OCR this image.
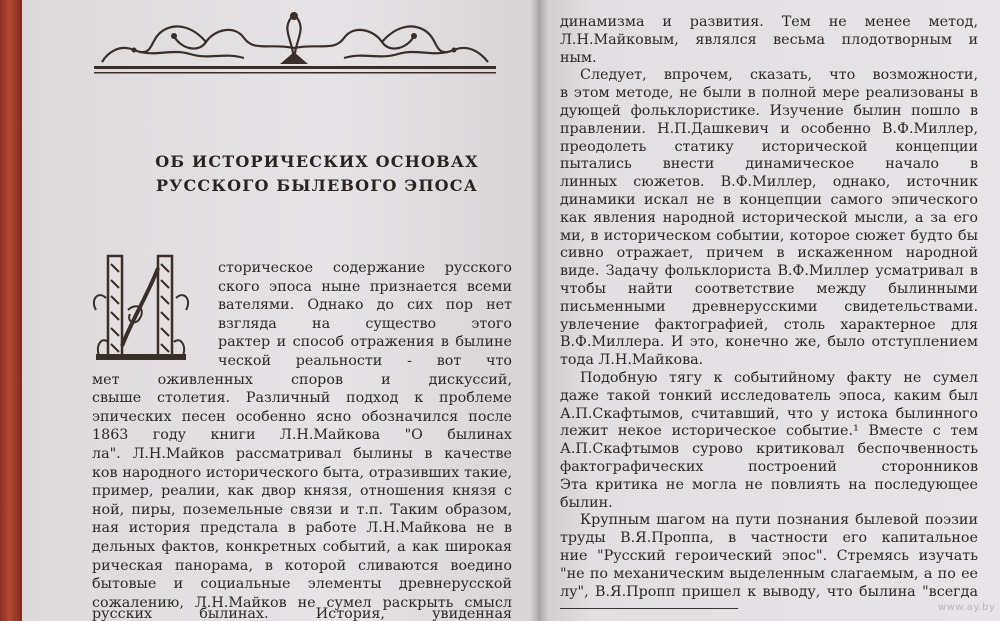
ОБ ИСТОРИЧЕСКИХ ОСНОВАХ
РУССКОГО БЫЛЕВОГО ЭПОСА
И
сторическое содержание русского
ского эпоса ныне признается всеми
вателями. Однако до сих пор нет
взгляда на существо этого
рактер и способ отражения в былине
ческой реальности - вот что
мет оживленных споров и дискуссий,
свыше столетия. Различный подход к проблеме
эпических песен особенно ясно обозначился после
1863 году книги Л.Н.Майкова "О былинах
ла". Л.Н.Майков рассматривал былины в качестве
ков народного исторического быта, отразивших такие,
пример, реалии, как двор князя, отношения князя с
ной, пиры, поземельные связи и т.п. Таким образом,
ная история предстала в работе Л.Н.Майкова не в
дельных фактов, конкретных событий, а как широкая
рическая панорама, в которой сливаются воедино
бытовые и социальные элементы древнерусской
сожалению, Л.Н.Майков не сумел раскрыть смысл
русских былинах. История, увиденная
динамизма и развития. Тем не менее метод,
Л.Н.Майковым, являлся весьма плодотворным и
ным.
Следует, впрочем, сказать, что возможности,
в этом методе, не были в полной мере реализованы в
дующей фольклористике. Изучение былин пошло в
правлении. Н.П.Дашкевич и особенно В.Ф.Миллер,
преодолеть статику исторической концепции
пытались внести динамическое начало в
линных сюжетов. В.Ф.Миллер, однако, источник
динамики искал не в концепции самого эпического
как явления народной исторической мысли, а за его
ми, в историческом событии, которое сюжет будто бы
сивно отражает, причем в искаженном народной
виде. Задачу фольклориста В.Ф.Миллер усматривал в
чтобы найти соответствие между былинными
письменными древнерусскими свидетельствами.
увлечение фактографией, столь характерное для
В.Ф.Миллера. И это, конечно же, было отступлением
тода Л.Н.Майкова.
Подобную тягу к событийному факту не сумел
даже такой тонкий исследователь эпоса, каким был
А.П.Скафтымов, считавший, что у истока былинного
лежит некое историческое событие.¹ Вместе с тем
А.П.Скафтымов сурово критиковал беспочвенность
фактографических построений сторонников
Эта критика не могла не повлиять на последующее
былин.
Крупным шагом на пути познания былевой поэзии
труды В.Я.Проппа, в частности его капитальное
ние "Русский героический эпос". Стремясь изучать
"не по механическим выделенным слагаемым, а по ее
лу", В.Я.Пропп пришел к выводу, что былина "всегда
www.ay.by
